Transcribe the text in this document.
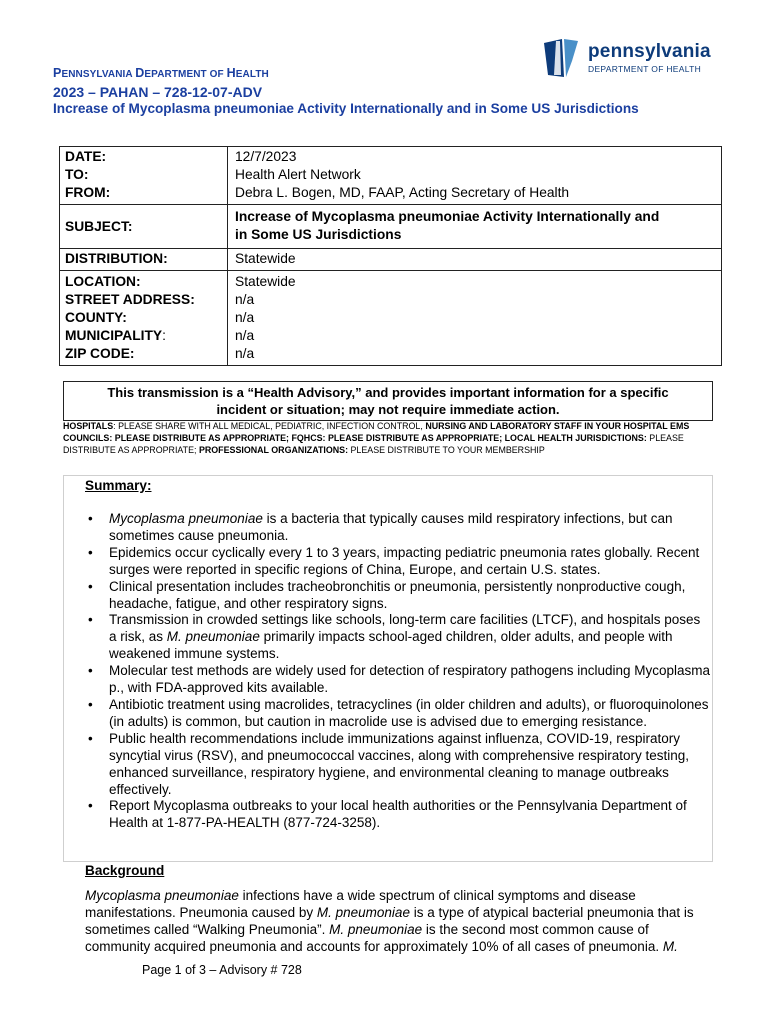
pennsylvania
DEPARTMENT OF HEALTH
PENNSYLVANIA DEPARTMENT OF HEALTH
2023 – PAHAN – 728-12-07-ADV
Increase of Mycoplasma pneumoniae Activity Internationally and in Some US Jurisdictions
DATE:	12/7/2023
TO:	Health Alert Network
FROM:	Debra L. Bogen, MD, FAAP, Acting Secretary of Health
SUBJECT:
Increase of Mycoplasma pneumoniae Activity Internationally and
in Some US Jurisdictions
DISTRIBUTION:	Statewide
LOCATION:	Statewide
STREET ADDRESS:	n/a
COUNTY:	n/a
MUNICIPALITY:	n/a
ZIP CODE:	n/a
This transmission is a “Health Advisory,” and provides important information for a specific
incident or situation; may not require immediate action.
HOSPITALS: PLEASE SHARE WITH ALL MEDICAL, PEDIATRIC, INFECTION CONTROL, NURSING AND LABORATORY STAFF IN YOUR HOSPITAL EMS COUNCILS: PLEASE DISTRIBUTE AS APPROPRIATE; FQHCS: PLEASE DISTRIBUTE AS APPROPRIATE; LOCAL HEALTH JURISDICTIONS: PLEASE DISTRIBUTE AS APPROPRIATE; PROFESSIONAL ORGANIZATIONS: PLEASE DISTRIBUTE TO YOUR MEMBERSHIP
Summary:
• Mycoplasma pneumoniae is a bacteria that typically causes mild respiratory infections, but can sometimes cause pneumonia.
• Epidemics occur cyclically every 1 to 3 years, impacting pediatric pneumonia rates globally. Recent surges were reported in specific regions of China, Europe, and certain U.S. states.
• Clinical presentation includes tracheobronchitis or pneumonia, persistently nonproductive cough, headache, fatigue, and other respiratory signs.
• Transmission in crowded settings like schools, long-term care facilities (LTCF), and hospitals poses a risk, as M. pneumoniae primarily impacts school-aged children, older adults, and people with weakened immune systems.
• Molecular test methods are widely used for detection of respiratory pathogens including Mycoplasma p., with FDA-approved kits available.
• Antibiotic treatment using macrolides, tetracyclines (in older children and adults), or fluoroquinolones (in adults) is common, but caution in macrolide use is advised due to emerging resistance.
• Public health recommendations include immunizations against influenza, COVID-19, respiratory syncytial virus (RSV), and pneumococcal vaccines, along with comprehensive respiratory testing, enhanced surveillance, respiratory hygiene, and environmental cleaning to manage outbreaks effectively.
• Report Mycoplasma outbreaks to your local health authorities or the Pennsylvania Department of Health at 1-877-PA-HEALTH (877-724-3258).
Background
Mycoplasma pneumoniae infections have a wide spectrum of clinical symptoms and disease manifestations. Pneumonia caused by M. pneumoniae is a type of atypical bacterial pneumonia that is sometimes called “Walking Pneumonia”. M. pneumoniae is the second most common cause of community acquired pneumonia and accounts for approximately 10% of all cases of pneumonia. M.
Page 1 of 3 – Advisory # 728
